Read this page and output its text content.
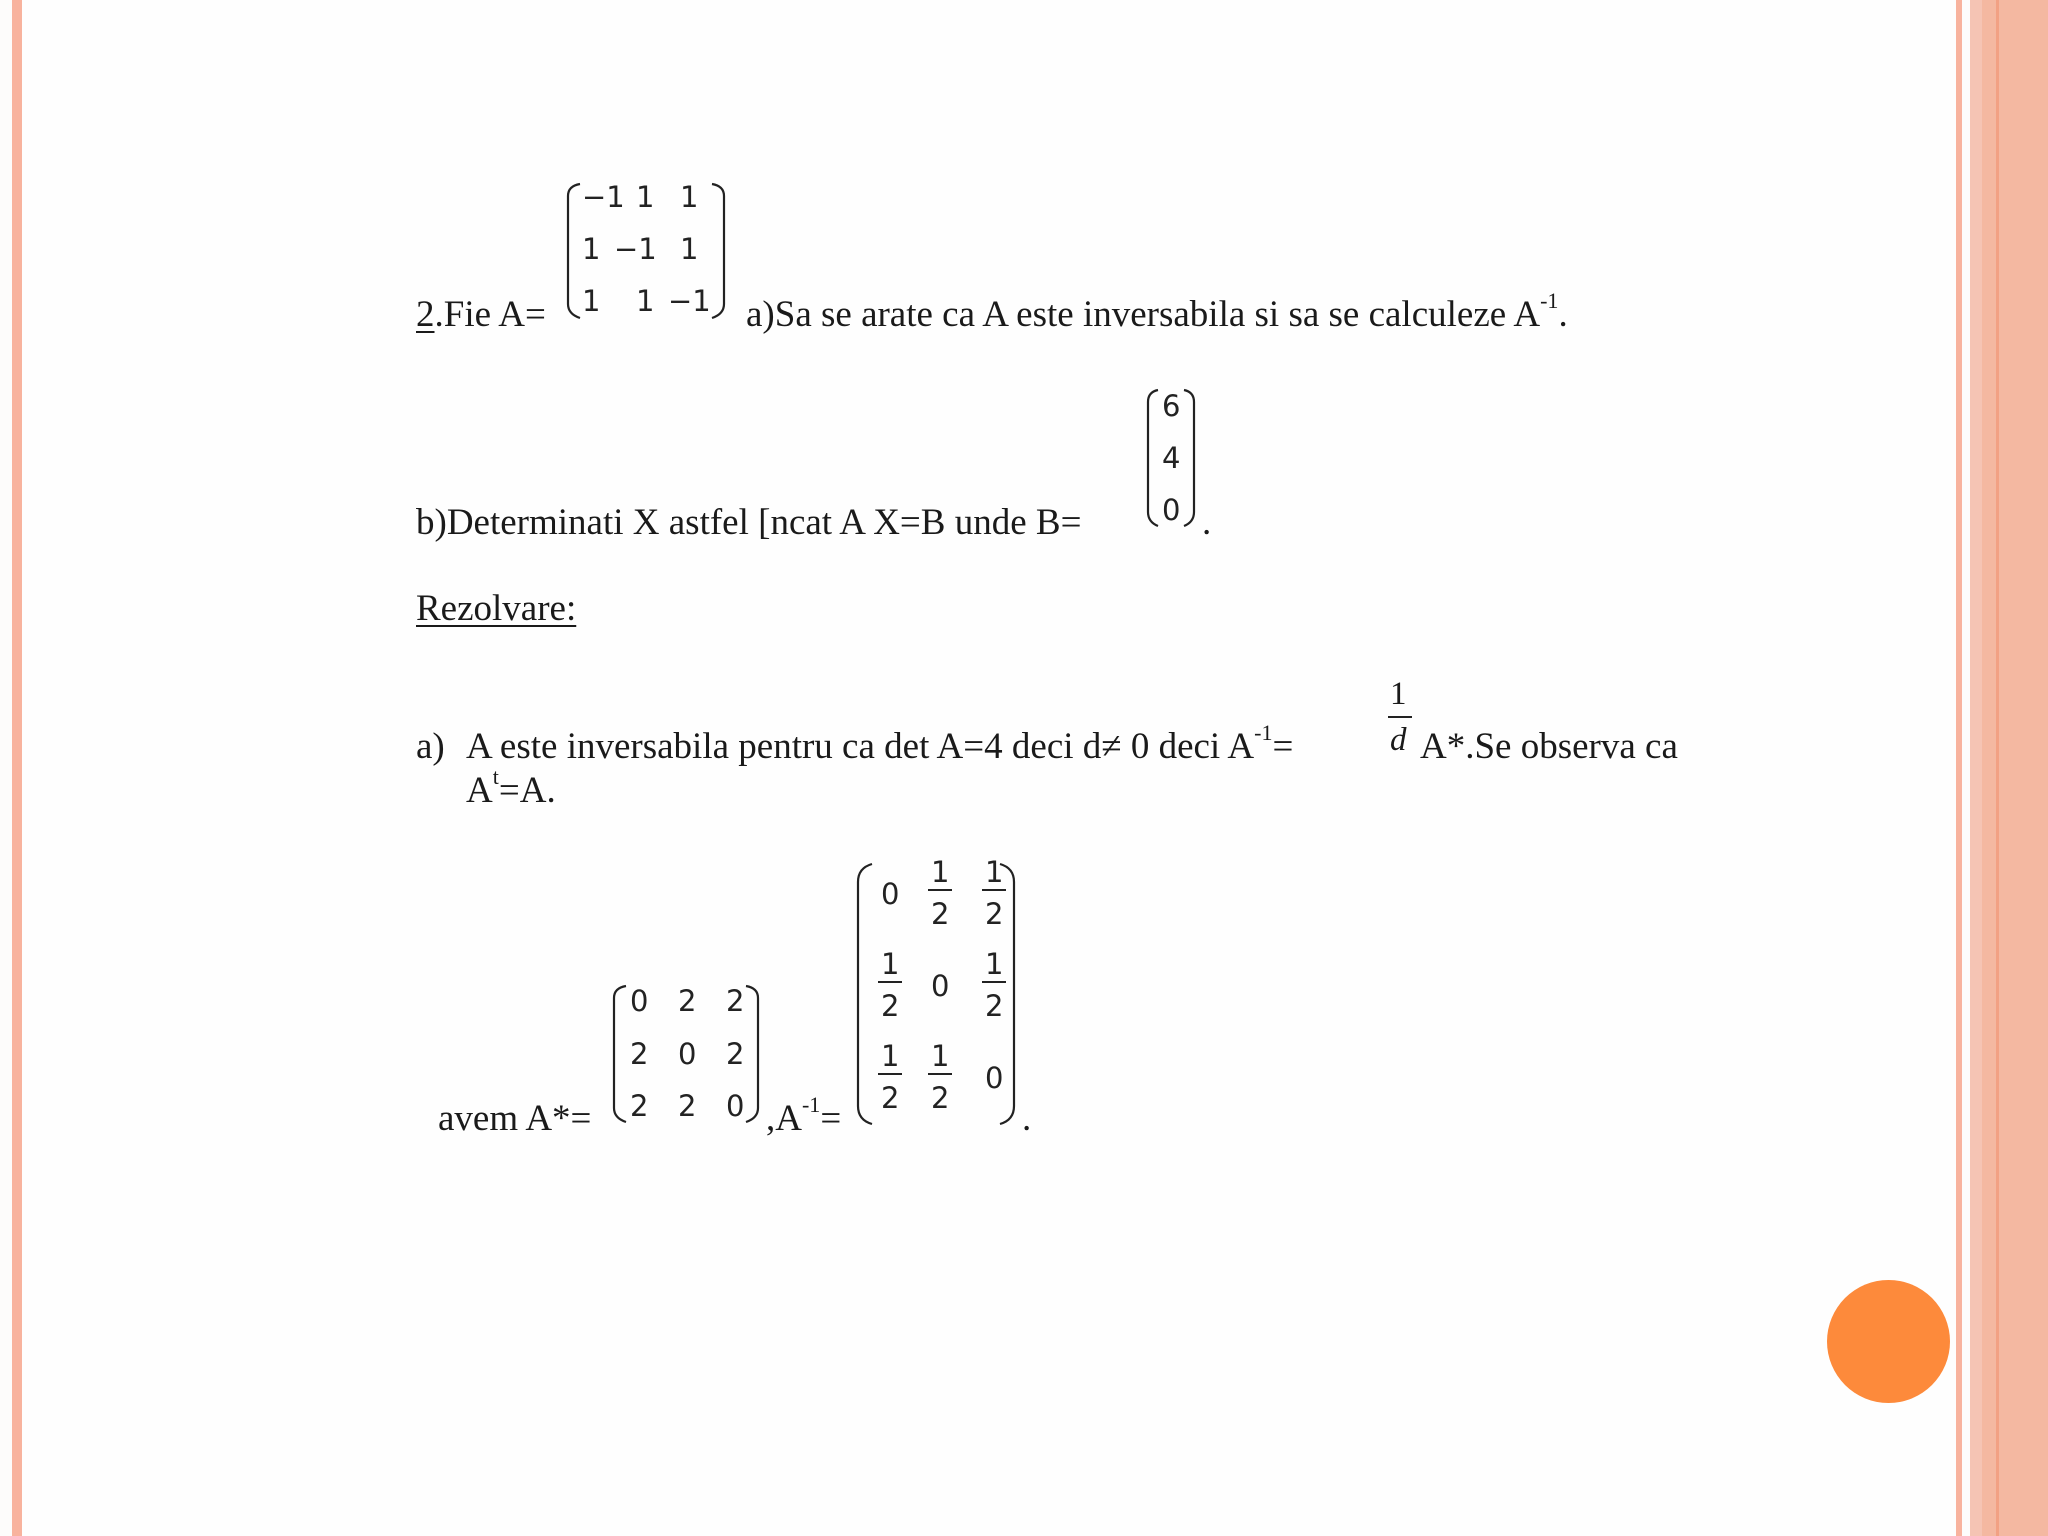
2.Fie A=
−1 1 1
1 −1 1
1 1 −1 a)Sa se arate ca A este inversabila si sa se calculeze $A^{-1}$.
b)Determinati X astfel [ncat A X=B unde B=
6
4
0 .
Rezolvare:
a) A este inversabila pentru ca det A=4 deci d≠ 0 deci $A^{-1}=$
1
d A*.Se observa ca
$A^t=A$.
avem A*=
0 2 2
2 0 2
2 2 0 $,A^{-1}=$
0
1
2
1
2
1
2
0
1
2
1
2
1
2
0
.
